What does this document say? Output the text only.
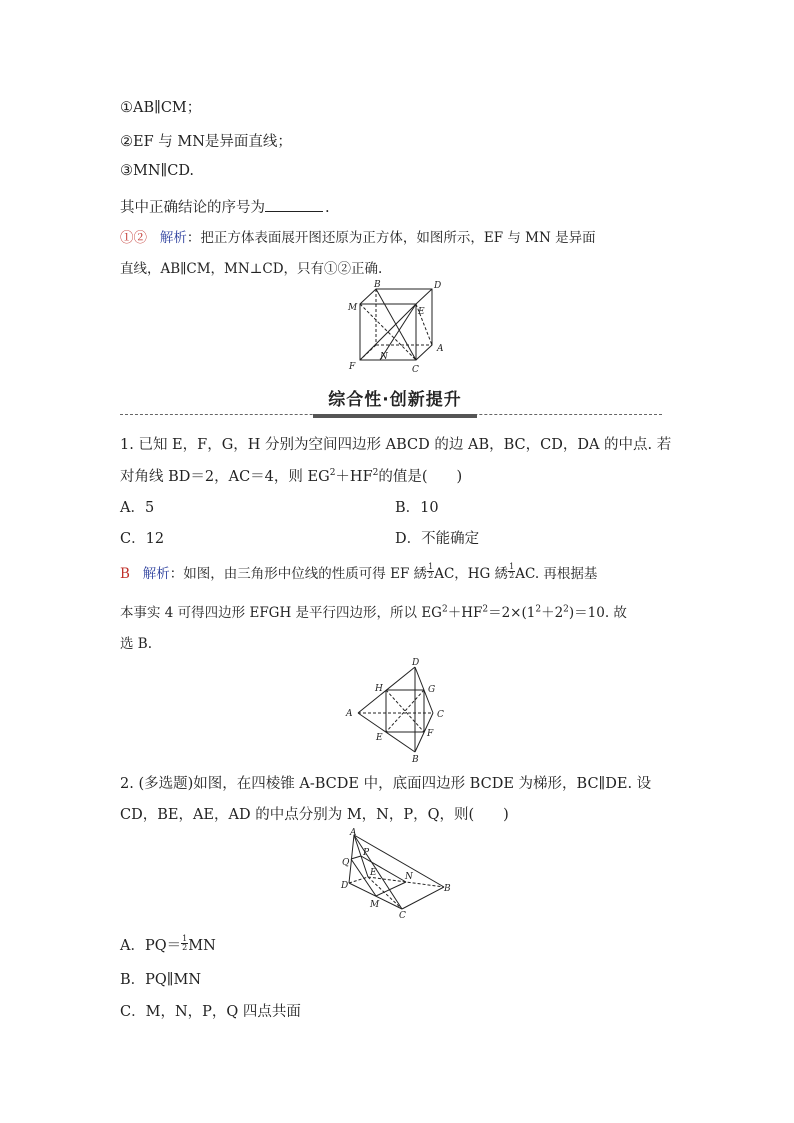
①AB∥CM；
②EF 与 MN是异面直线；
③MN∥CD.
其中正确结论的序号为	.
①② 解析：把正方体表面展开图还原为正方体，如图所示，EF 与 MN 是异面
直线，AB∥CM，MN⊥CD，只有①②正确.
B	D
M	E
A
F
N
C
综合性·创新提升
1. 已知 E，F，G，H 分别为空间四边形 ABCD 的边 AB，BC，CD，DA 的中点. 若
对角线 BD＝2，AC＝4，则 $EG^2+HF^2$的值是(　　)
A．5	B．10
C．12	D．不能确定
B 解析：如图，由三角形中位线的性质可得 EF 綉 $\frac{1}{2}$ AC，HG 綉 $\frac{1}{2}$ AC. 再根据基
本事实 4 可得四边形 EFGH 是平行四边形，所以 $EG^2+HF^2=2\times(1^2+2^2)=10$. 故
选 B.
D
H	G
A	C
E	F
B
2. (多选题)如图，在四棱锥 A-BCDE 中，底面四边形 BCDE 为梯形，BC∥DE. 设
CD，BE，AE，AD 的中点分别为 M，N，P，Q，则(　　)
A
Q
P
E
D
N
B
M
C
A．$PQ= \frac{1}{2}$ MN
B．PQ∥MN
C．M，N，P，Q 四点共面
